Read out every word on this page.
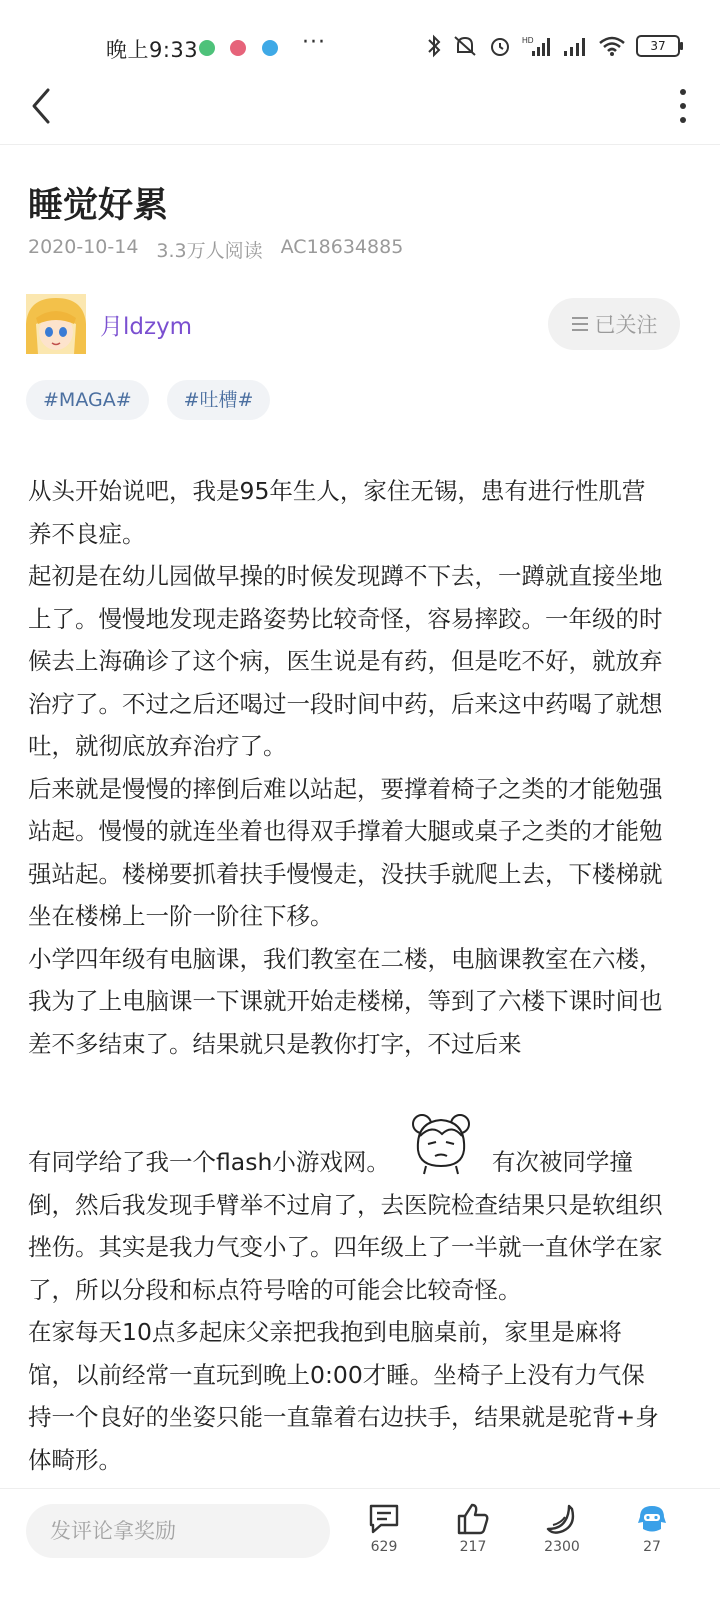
晚上9:33	···	HD	37
睡觉好累
2020-10-14 3.3万人阅读 AC18634885
月ldzym	已关注
#MAGA#	#吐槽#

从头开始说吧，我是95年生人，家住无锡，患有进行性肌营养不良症。

起初是在幼儿园做早操的时候发现蹲不下去，一蹲就直接坐地上了。慢慢地发现走路姿势比较奇怪，容易摔跤。一年级的时候去上海确诊了这个病，医生说是有药，但是吃不好，就放弃治疗了。不过之后还喝过一段时间中药，后来这中药喝了就想吐，就彻底放弃治疗了。

后来就是慢慢的摔倒后难以站起，要撑着椅子之类的才能勉强站起。慢慢的就连坐着也得双手撑着大腿或桌子之类的才能勉强站起。楼梯要抓着扶手慢慢走，没扶手就爬上去，下楼梯就坐在楼梯上一阶一阶往下移。

小学四年级有电脑课，我们教室在二楼，电脑课教室在六楼，我为了上电脑课一下课就开始走楼梯，等到了六楼下课时间也差不多结束了。结果就只是教你打字，不过后来

有同学给了我一个flash小游戏网。	有次被同学撞倒，然后我发现手臂举不过肩了，去医院检查结果只是软组织挫伤。其实是我力气变小了。四年级上了一半就一直休学在家了，所以分段和标点符号啥的可能会比较奇怪。

在家每天10点多起床父亲把我抱到电脑桌前，家里是麻将馆，以前经常一直玩到晚上0:00才睡。坐椅子上没有力气保持一个良好的坐姿只能一直靠着右边扶手，结果就是驼背+身体畸形。

发评论拿奖励
629	217	2300	27
